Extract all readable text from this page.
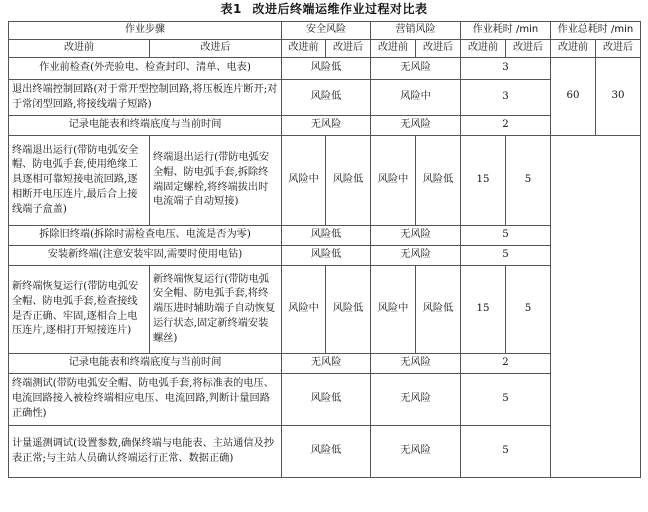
表1 改进后终端运维作业过程对比表
作业步骤		安全风险		营销风险		作业耗时 /min		作业总耗时 /min	
改进前	改进后	改进前	改进后	改进前	改进后	改进前	改进后	改进前	改进后
作业前检查(外壳验电、检查封印、清单、电表)		风险低		无风险		3		60	30
退出终端控制回路(对于常开型控制回路,将压板连片断开;对于常闭型回路,将接线端子短路)		风险低		风险中		3			
记录电能表和终端底度与当前时间		无风险		无风险		2			
终端退出运行(带防电弧安全帽、防电弧手套,使用绝缘工具逐相可靠短接电流回路,逐相断开电压连片,最后合上接线端子盒盖)	终端退出运行(带防电弧安全帽、防电弧手套,拆除终端固定螺栓,将终端拔出时电流端子自动短接)	风险中	风险低	风险中	风险低	15	5		
拆除旧终端(拆除时需检查电压、电流是否为零)		风险低		无风险		5			
安装新终端(注意安装牢固,需要时使用电钻)		风险低		无风险		5			
新终端恢复运行(带防电弧安全帽、防电弧手套,检查接线是否正确、牢固,逐相合上电压连片,逐相打开短接连片)	新终端恢复运行(带防电弧安全帽、防电弧手套,将终端压进时辅助端子自动恢复运行状态,固定新终端安装螺丝)	风险中	风险低	风险中	风险低	15	5		
记录电能表和终端底度与当前时间		无风险		无风险		2			
终端测试(带防电弧安全帽、防电弧手套,将标准表的电压、电流回路接入被检终端相应电压、电流回路,判断计量回路正确性)		风险低		无风险		5			
计量遥测调试(设置参数,确保终端与电能表、主站通信及抄表正常;与主站人员确认终端运行正常、数据正确)		风险低		无风险		5			
